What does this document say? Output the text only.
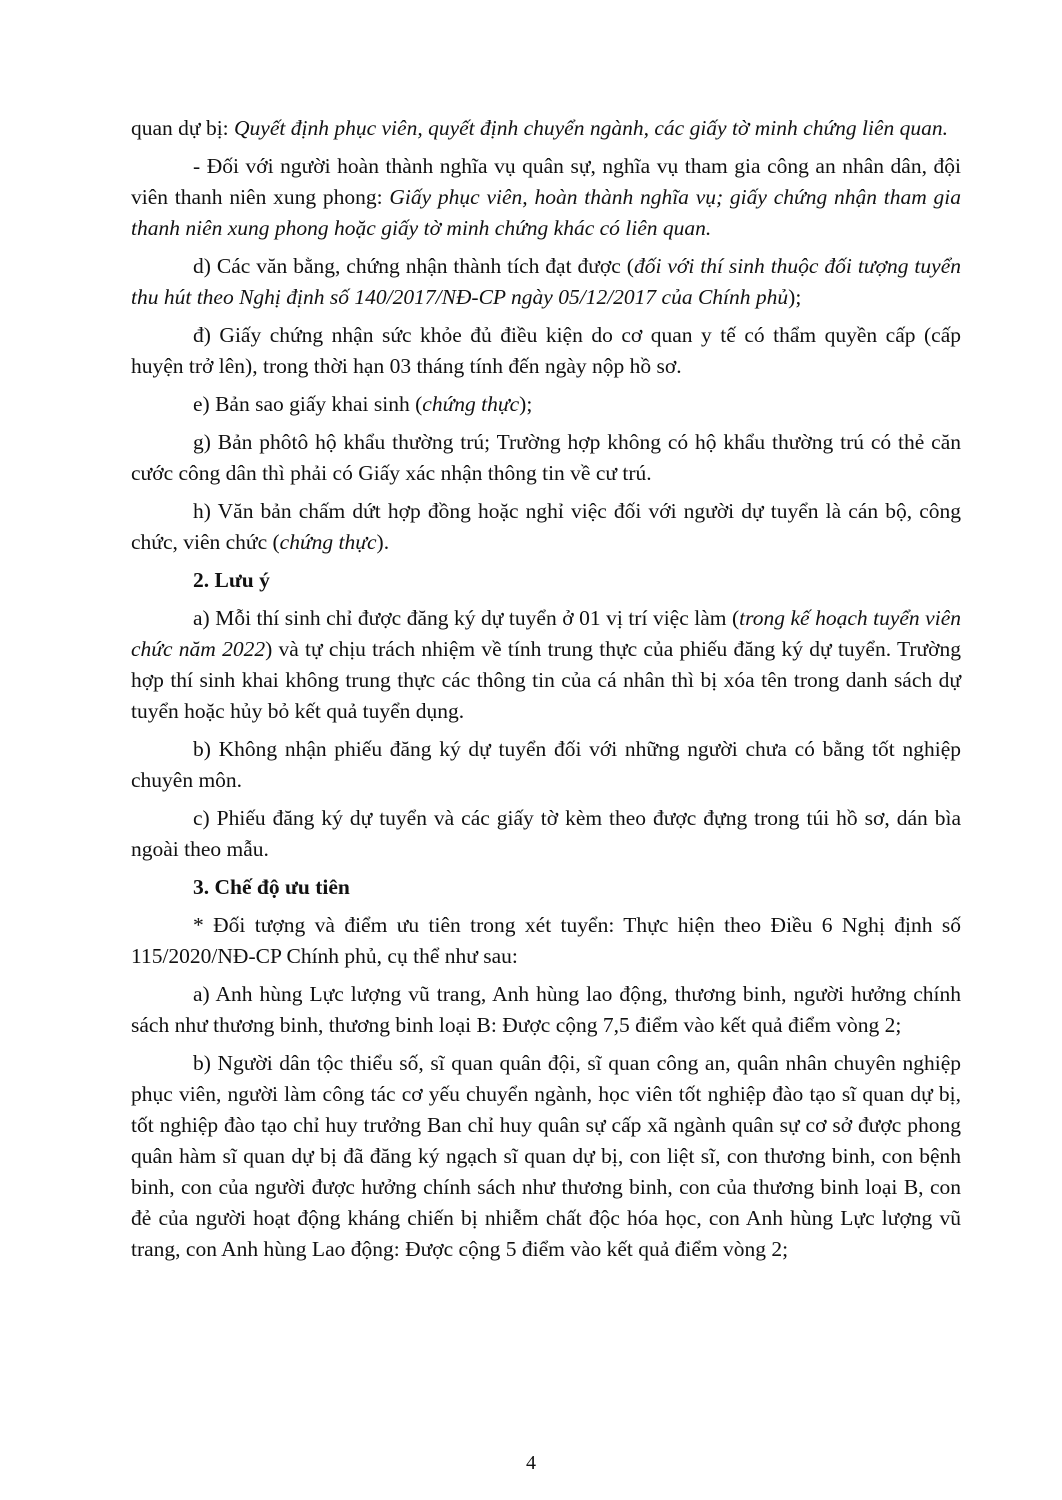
quan dự bị: Quyết định phục viên, quyết định chuyển ngành, các giấy tờ minh chứng liên quan.

- Đối với người hoàn thành nghĩa vụ quân sự, nghĩa vụ tham gia công an nhân dân, đội viên thanh niên xung phong: Giấy phục viên, hoàn thành nghĩa vụ; giấy chứng nhận tham gia thanh niên xung phong hoặc giấy tờ minh chứng khác có liên quan.

d) Các văn bằng, chứng nhận thành tích đạt được (đối với thí sinh thuộc đối tượng tuyển thu hút theo Nghị định số 140/2017/NĐ-CP ngày 05/12/2017 của Chính phủ);

đ) Giấy chứng nhận sức khỏe đủ điều kiện do cơ quan y tế có thẩm quyền cấp (cấp huyện trở lên), trong thời hạn 03 tháng tính đến ngày nộp hồ sơ.

e) Bản sao giấy khai sinh (chứng thực);

g) Bản phôtô hộ khẩu thường trú; Trường hợp không có hộ khẩu thường trú có thẻ căn cước công dân thì phải có Giấy xác nhận thông tin về cư trú.

h) Văn bản chấm dứt hợp đồng hoặc nghỉ việc đối với người dự tuyển là cán bộ, công chức, viên chức (chứng thực).

2. Lưu ý

a) Mỗi thí sinh chỉ được đăng ký dự tuyển ở 01 vị trí việc làm (trong kế hoạch tuyển viên chức năm 2022) và tự chịu trách nhiệm về tính trung thực của phiếu đăng ký dự tuyển. Trường hợp thí sinh khai không trung thực các thông tin của cá nhân thì bị xóa tên trong danh sách dự tuyển hoặc hủy bỏ kết quả tuyển dụng.

b) Không nhận phiếu đăng ký dự tuyển đối với những người chưa có bằng tốt nghiệp chuyên môn.

c) Phiếu đăng ký dự tuyển và các giấy tờ kèm theo được đựng trong túi hồ sơ, dán bìa ngoài theo mẫu.

3. Chế độ ưu tiên

* Đối tượng và điểm ưu tiên trong xét tuyển: Thực hiện theo Điều 6 Nghị định số 115/2020/NĐ-CP Chính phủ, cụ thể như sau:

a) Anh hùng Lực lượng vũ trang, Anh hùng lao động, thương binh, người hưởng chính sách như thương binh, thương binh loại B: Được cộng 7,5 điểm vào kết quả điểm vòng 2;

b) Người dân tộc thiểu số, sĩ quan quân đội, sĩ quan công an, quân nhân chuyên nghiệp phục viên, người làm công tác cơ yếu chuyển ngành, học viên tốt nghiệp đào tạo sĩ quan dự bị, tốt nghiệp đào tạo chỉ huy trưởng Ban chỉ huy quân sự cấp xã ngành quân sự cơ sở được phong quân hàm sĩ quan dự bị đã đăng ký ngạch sĩ quan dự bị, con liệt sĩ, con thương binh, con bệnh binh, con của người được hưởng chính sách như thương binh, con của thương binh loại B, con đẻ của người hoạt động kháng chiến bị nhiễm chất độc hóa học, con Anh hùng Lực lượng vũ trang, con Anh hùng Lao động: Được cộng 5 điểm vào kết quả điểm vòng 2;

4
